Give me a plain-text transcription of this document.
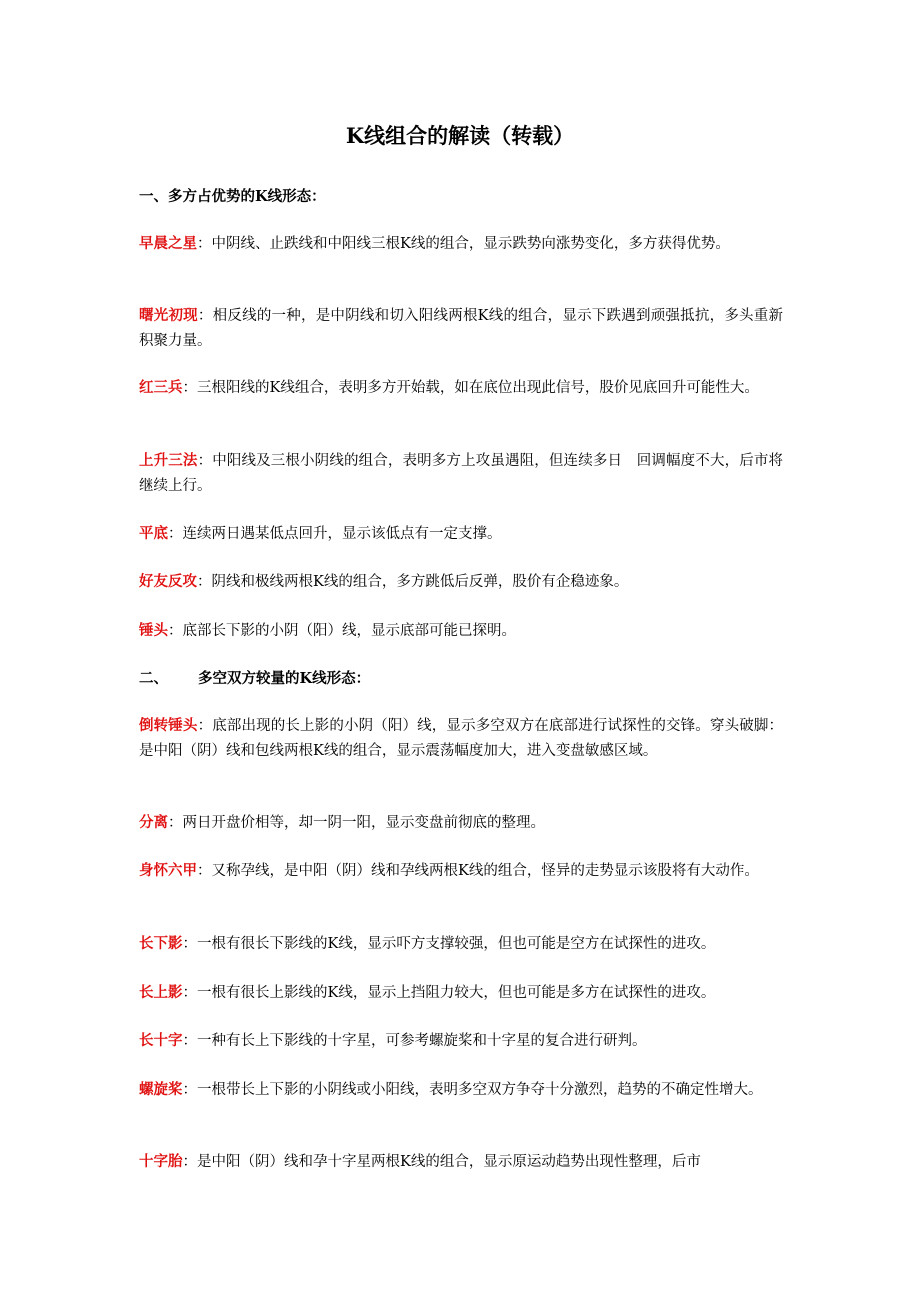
K线组合的解读（转载）
一、多方占优势的K线形态：

早晨之星：中阴线、止跌线和中阳线三根K线的组合，显示跌势向涨势变化，多方获得优势。

曙光初现：相反线的一种，是中阴线和切入阳线两根K线的组合，显示下跌遇到顽强抵抗，多头重新积聚力量。

红三兵：三根阳线的K线组合，表明多方开始载，如在底位出现此信号，股价见底回升可能性大。

上升三法：中阳线及三根小阴线的组合，表明多方上攻虽遇阻，但连续多日　回调幅度不大，后市将继续上行。

平底：连续两日遇某低点回升，显示该低点有一定支撑。

好友反攻：阴线和极线两根K线的组合，多方跳低后反弹，股价有企稳迹象。

锤头：底部长下影的小阴（阳）线，显示底部可能已探明。

二、 多空双方较量的K线形态：

倒转锤头：底部出现的长上影的小阴（阳）线，显示多空双方在底部进行试探性的交锋。穿头破脚：是中阳（阴）线和包线两根K线的组合，显示震荡幅度加大，进入变盘敏感区域。

分离：两日开盘价相等，却一阴一阳，显示变盘前彻底的整理。

身怀六甲：又称孕线，是中阳（阴）线和孕线两根K线的组合，怪异的走势显示该股将有大动作。

长下影：一根有很长下影线的K线，显示吓方支撑较强，但也可能是空方在试探性的进攻。

长上影：一根有很长上影线的K线，显示上挡阻力较大，但也可能是多方在试探性的进攻。

长十字：一种有长上下影线的十字星，可参考螺旋桨和十字星的复合进行研判。

螺旋桨：一根带长上下影的小阴线或小阳线，表明多空双方争夺十分激烈，趋势的不确定性增大。

十字胎：是中阳（阴）线和孕十字星两根K线的组合，显示原运动趋势出现性整理，后市
